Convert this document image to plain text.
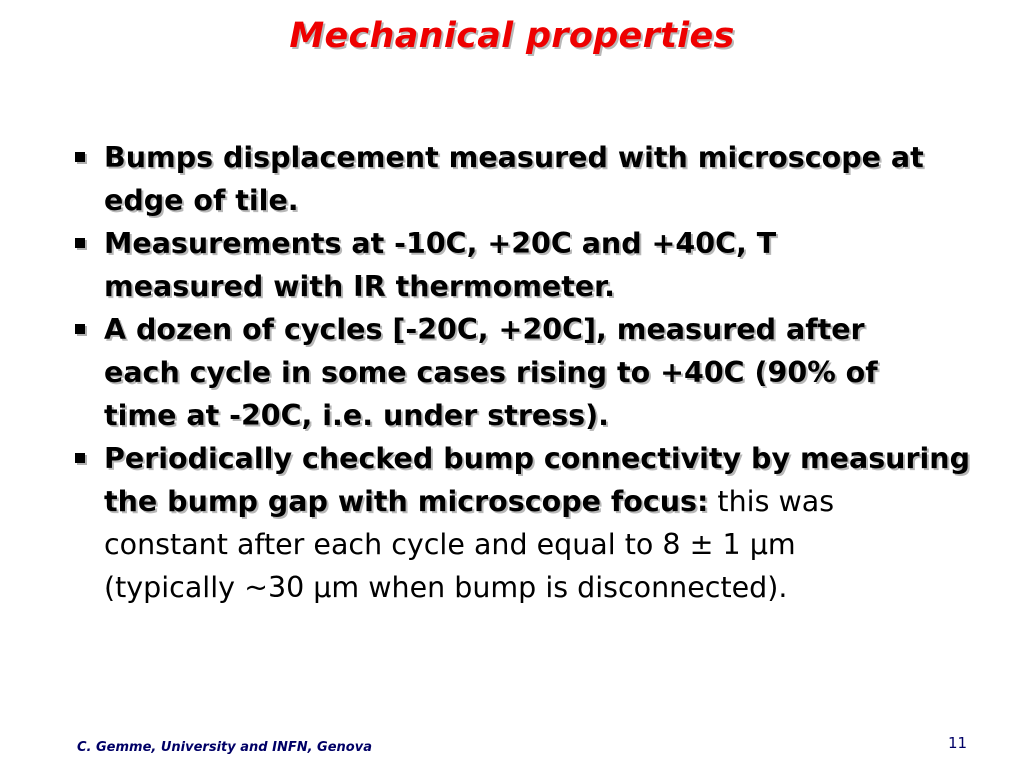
Mechanical properties
Bumps displacement measured with microscope at
edge of tile.
Measurements at -10C, +20C and +40C, T
measured with IR thermometer.
A dozen of cycles [-20C, +20C], measured after
each cycle in some cases rising to +40C (90% of
time at -20C, i.e. under stress).
Periodically checked bump connectivity by measuring
the bump gap with microscope focus: this was
constant after each cycle and equal to 8 ± 1 μm
(typically ~30 μm when bump is disconnected).
C. Gemme, University and INFN, Genova	11
